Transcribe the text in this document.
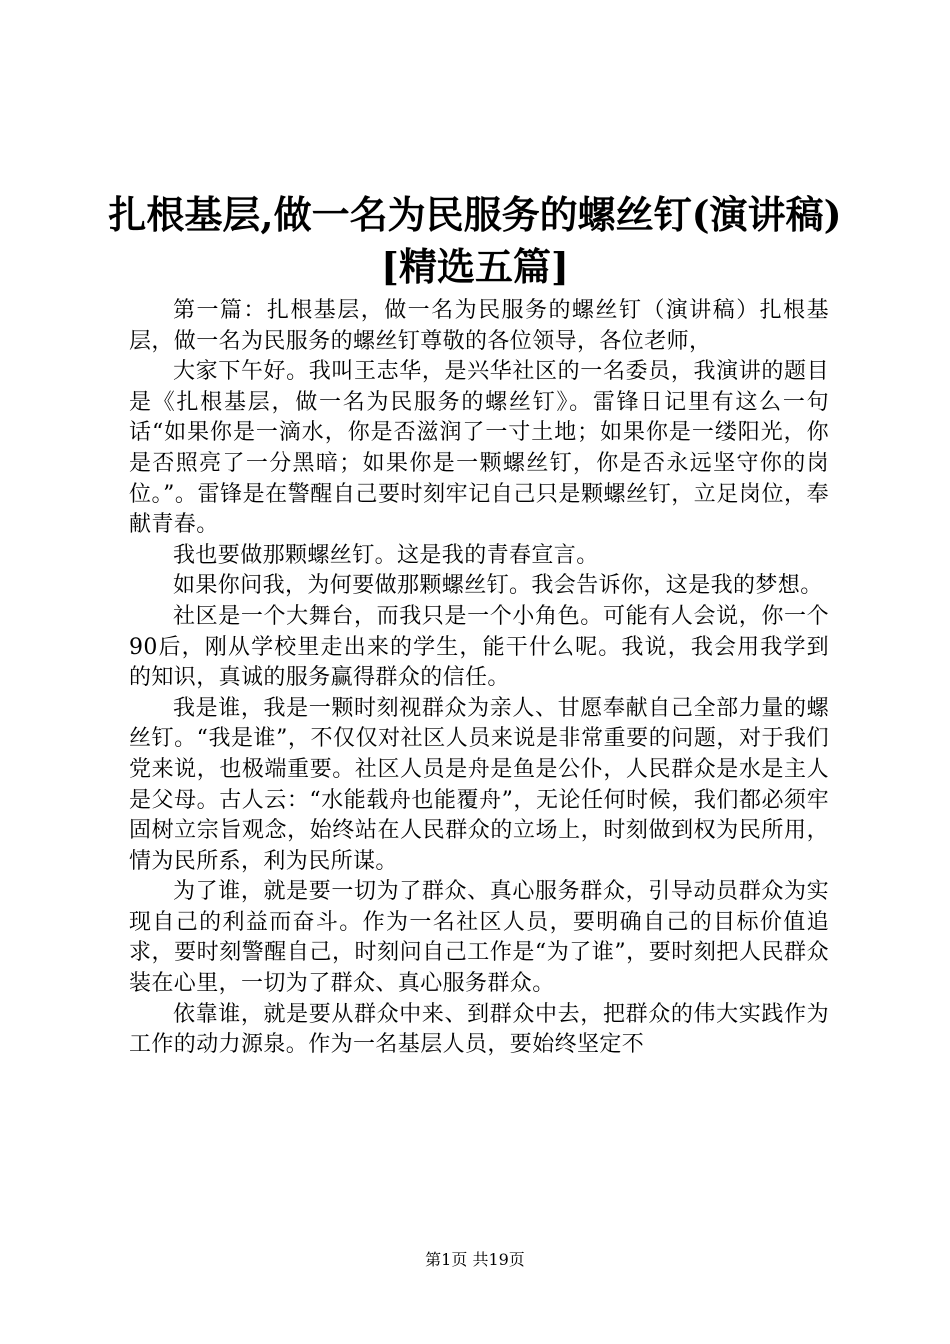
扎根基层,做一名为民服务的螺丝钉(演讲稿)
[精选五篇]

第一篇：扎根基层，做一名为民服务的螺丝钉（演讲稿）扎根基层，做一名为民服务的螺丝钉尊敬的各位领导，各位老师，

大家下午好。我叫王志华，是兴华社区的一名委员，我演讲的题目是《扎根基层，做一名为民服务的螺丝钉》。雷锋日记里有这么一句话“如果你是一滴水，你是否滋润了一寸土地；如果你是一缕阳光，你是否照亮了一分黑暗；如果你是一颗螺丝钉，你是否永远坚守你的岗位。”。雷锋是在警醒自己要时刻牢记自己只是颗螺丝钉，立足岗位，奉献青春。

我也要做那颗螺丝钉。这是我的青春宣言。

如果你问我，为何要做那颗螺丝钉。我会告诉你，这是我的梦想。

社区是一个大舞台，而我只是一个小角色。可能有人会说，你一个90后，刚从学校里走出来的学生，能干什么呢。我说，我会用我学到的知识，真诚的服务赢得群众的信任。

我是谁，我是一颗时刻视群众为亲人、甘愿奉献自己全部力量的螺丝钉。“我是谁”，不仅仅对社区人员来说是非常重要的问题，对于我们党来说，也极端重要。社区人员是舟是鱼是公仆，人民群众是水是主人是父母。古人云：“水能载舟也能覆舟”，无论任何时候，我们都必须牢固树立宗旨观念，始终站在人民群众的立场上，时刻做到权为民所用，情为民所系，利为民所谋。

为了谁，就是要一切为了群众、真心服务群众，引导动员群众为实现自己的利益而奋斗。作为一名社区人员，要明确自己的目标价值追求，要时刻警醒自己，时刻问自己工作是“为了谁”，要时刻把人民群众装在心里，一切为了群众、真心服务群众。

依靠谁，就是要从群众中来、到群众中去，把群众的伟大实践作为工作的动力源泉。作为一名基层人员，要始终坚定不

第1页 共19页
